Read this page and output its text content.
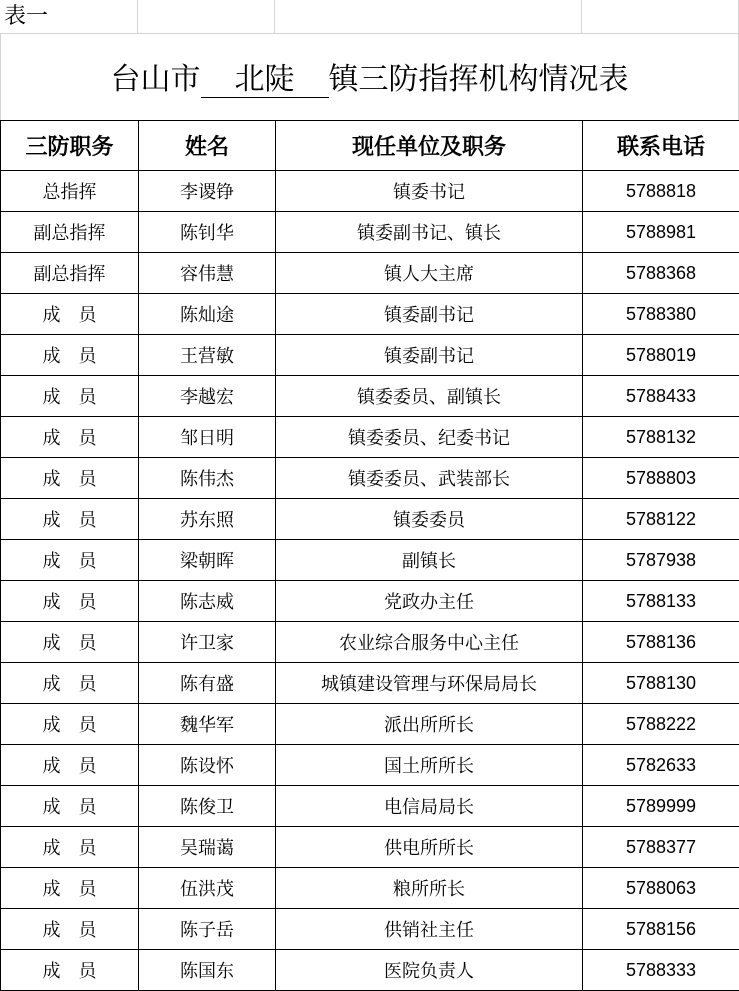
表一
台山市 北陡 镇三防指挥机构情况表
三防职务	姓名	现任单位及职务	联系电话
总指挥	李谡铮	镇委书记	5788818
副总指挥	陈钊华	镇委副书记、镇长	5788981
副总指挥	容伟慧	镇人大主席	5788368
成　员	陈灿途	镇委副书记	5788380
成　员	王营敏	镇委副书记	5788019
成　员	李越宏	镇委委员、副镇长	5788433
成　员	邹日明	镇委委员、纪委书记	5788132
成　员	陈伟杰	镇委委员、武装部长	5788803
成　员	苏东照	镇委委员	5788122
成　员	梁朝晖	副镇长	5787938
成　员	陈志威	党政办主任	5788133
成　员	许卫家	农业综合服务中心主任	5788136
成　员	陈有盛	城镇建设管理与环保局局长	5788130
成　员	魏华军	派出所所长	5788222
成　员	陈设怀	国土所所长	5782633
成　员	陈俊卫	电信局局长	5789999
成　员	吴瑞蔼	供电所所长	5788377
成　员	伍洪茂	粮所所长	5788063
成　员	陈子岳	供销社主任	5788156
成　员	陈国东	医院负责人	5788333
